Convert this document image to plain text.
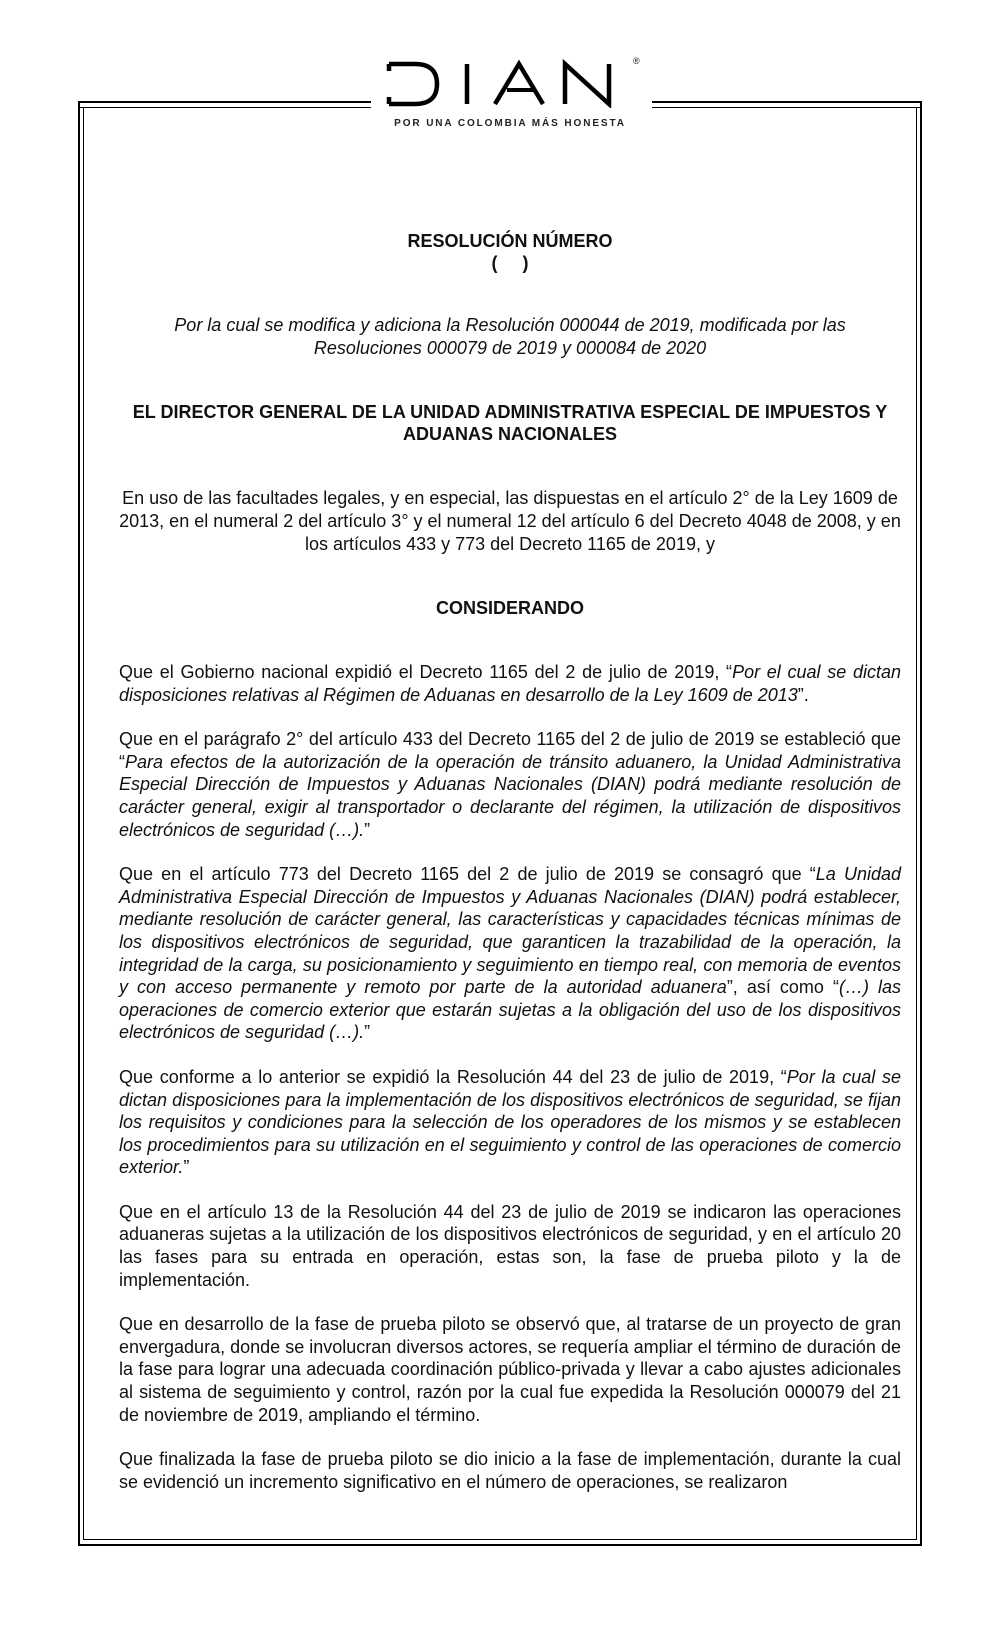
®
POR UNA COLOMBIA MÁS HONESTA
RESOLUCIÓN NÚMERO
(     )
Por la cual se modifica y adiciona la Resolución 000044 de 2019, modificada por las Resoluciones 000079 de 2019 y 000084 de 2020
EL DIRECTOR GENERAL DE LA UNIDAD ADMINISTRATIVA ESPECIAL DE IMPUESTOS Y ADUANAS NACIONALES
En uso de las facultades legales, y en especial, las dispuestas en el artículo 2° de la Ley 1609 de 2013, en el numeral 2 del artículo 3° y el numeral 12 del artículo 6 del Decreto 4048 de 2008, y en los artículos 433 y 773 del Decreto 1165 de 2019, y
CONSIDERANDO

Que el Gobierno nacional expidió el Decreto 1165 del 2 de julio de 2019, “Por el cual se dictan disposiciones relativas al Régimen de Aduanas en desarrollo de la Ley 1609 de 2013”.

Que en el parágrafo 2° del artículo 433 del Decreto 1165 del 2 de julio de 2019 se estableció que “Para efectos de la autorización de la operación de tránsito aduanero, la Unidad Administrativa Especial Dirección de Impuestos y Aduanas Nacionales (DIAN) podrá mediante resolución de carácter general, exigir al transportador o declarante del régimen, la utilización de dispositivos electrónicos de seguridad (…).”

Que en el artículo 773 del Decreto 1165 del 2 de julio de 2019 se consagró que “La Unidad Administrativa Especial Dirección de Impuestos y Aduanas Nacionales (DIAN) podrá establecer, mediante resolución de carácter general, las características y capacidades técnicas mínimas de los dispositivos electrónicos de seguridad, que garanticen la trazabilidad de la operación, la integridad de la carga, su posicionamiento y seguimiento en tiempo real, con memoria de eventos y con acceso permanente y remoto por parte de la autoridad aduanera”, así como “(…) las operaciones de comercio exterior que estarán sujetas a la obligación del uso de los dispositivos electrónicos de seguridad (…).”

Que conforme a lo anterior se expidió la Resolución 44 del 23 de julio de 2019, “Por la cual se dictan disposiciones para la implementación de los dispositivos electrónicos de seguridad, se fijan los requisitos y condiciones para la selección de los operadores de los mismos y se establecen los procedimientos para su utilización en el seguimiento y control de las operaciones de comercio exterior.”

Que en el artículo 13 de la Resolución 44 del 23 de julio de 2019 se indicaron las operaciones aduaneras sujetas a la utilización de los dispositivos electrónicos de seguridad, y en el artículo 20 las fases para su entrada en operación, estas son, la fase de prueba piloto y la de implementación.

Que en desarrollo de la fase de prueba piloto se observó que, al tratarse de un proyecto de gran envergadura, donde se involucran diversos actores, se requería ampliar el término de duración de la fase para lograr una adecuada coordinación público-privada y llevar a cabo ajustes adicionales al sistema de seguimiento y control, razón por la cual fue expedida la Resolución 000079 del 21 de noviembre de 2019, ampliando el término.

Que finalizada la fase de prueba piloto se dio inicio a la fase de implementación, durante la cual se evidenció un incremento significativo en el número de operaciones, se realizaron
